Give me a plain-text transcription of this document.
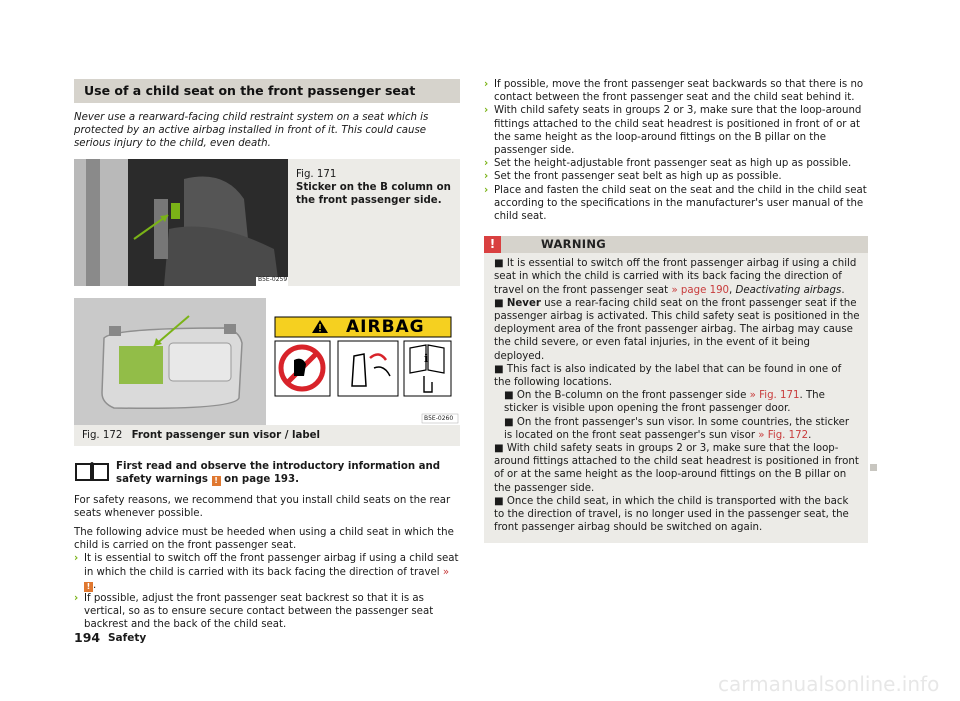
Use of a child seat on the front passenger seat
Never use a rearward-facing child restraint system on a seat which is protected by an active airbag installed in front of it. This could cause serious injury to the child, even death.
B5E-0259
Fig. 171
Sticker on the B column on the front passenger side.
i
AIRBAG
B5E-0260
Fig. 172 Front passenger sun visor / label
First read and observe the introductory information and safety warnings ! on page 193.

For safety reasons, we recommend that you install child seats on the rear seats whenever possible.

The following advice must be heeded when using a child seat in which the child is carried on the front passenger seat.

› It is essential to switch off the front passenger airbag if using a child seat in which the child is carried with its back facing the direction of travel » ! .
› If possible, adjust the front passenger seat backrest so that it is as vertical, so as to ensure secure contact between the passenger seat backrest and the back of the child seat.
› If possible, move the front passenger seat backwards so that there is no contact between the front passenger seat and the child seat behind it.
› With child safety seats in groups 2 or 3, make sure that the loop-around fittings attached to the child seat headrest is positioned in front of or at the same height as the loop-around fittings on the B pillar on the passenger side.
› Set the height-adjustable front passenger seat as high up as possible.
› Set the front passenger seat belt as high up as possible.
› Place and fasten the child seat on the seat and the child in the child seat according to the specifications in the manufacturer's user manual of the child seat.
!	WARNING
■ It is essential to switch off the front passenger airbag if using a child seat in which the child is carried with its back facing the direction of travel on the front passenger seat » page 190, Deactivating airbags.
■ Never use a rear-facing child seat on the front passenger seat if the passenger airbag is activated. This child safety seat is positioned in the deployment area of the front passenger airbag. The airbag may cause the child severe, or even fatal injuries, in the event of it being deployed.
■ This fact is also indicated by the label that can be found in one of the following locations.
■ On the B-column on the front passenger side » Fig. 171. The sticker is visible upon opening the front passenger door.
■ On the front passenger's sun visor. In some countries, the sticker is located on the front seat passenger's sun visor » Fig. 172.
■ With child safety seats in groups 2 or 3, make sure that the loop-around fittings attached to the child seat headrest is positioned in front of or at the same height as the loop-around fittings on the B pillar on the passenger side.
■ Once the child seat, in which the child is transported with the back to the direction of travel, is no longer used in the passenger seat, the front passenger airbag should be switched on again.
194 Safety
carmanualsonline.info
